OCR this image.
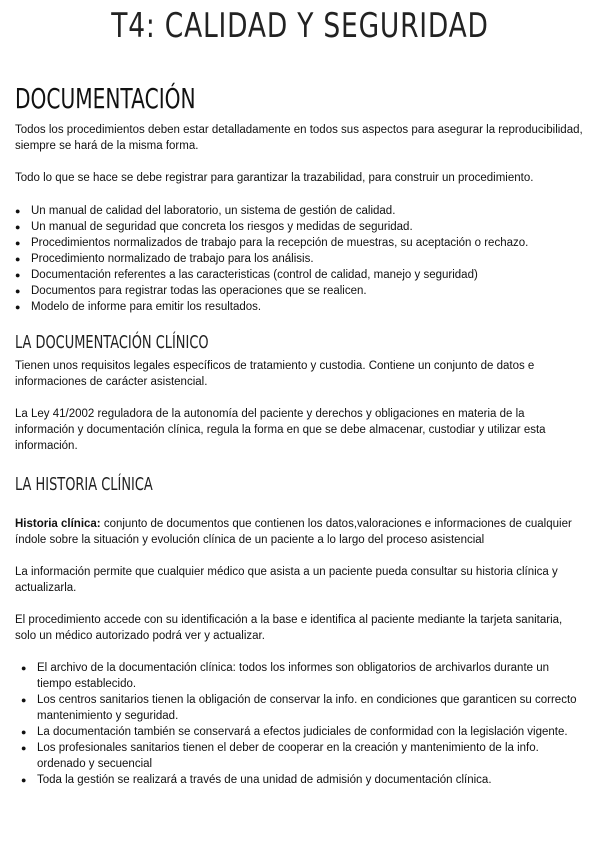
T4: CALIDAD Y SEGURIDAD
DOCUMENTACIÓN

Todos los procedimientos deben estar detalladamente en todos sus aspectos para asegurar la reproducibilidad, siempre se hará de la misma forma.

Todo lo que se hace se debe registrar para garantizar la trazabilidad, para construir un procedimiento.

● Un manual de calidad del laboratorio, un sistema de gestión de calidad.
● Un manual de seguridad que concreta los riesgos y medidas de seguridad.
● Procedimientos normalizados de trabajo para la recepción de muestras, su aceptación o rechazo.
● Procedimiento normalizado de trabajo para los análisis.
● Documentación referentes a las caracteristicas (control de calidad, manejo y seguridad)
● Documentos para registrar todas las operaciones que se realicen.
● Modelo de informe para emitir los resultados.
LA DOCUMENTACIÓN CLÍNICO

Tienen unos requisitos legales específicos de tratamiento y custodia. Contiene un conjunto de datos e informaciones de carácter asistencial.

La Ley 41/2002 reguladora de la autonomía del paciente y derechos y obligaciones en materia de la información y documentación clínica, regula la forma en que se debe almacenar, custodiar y utilizar esta información.

LA HISTORIA CLÍNICA

Historia clínica: conjunto de documentos que contienen los datos,valoraciones e informaciones de cualquier índole sobre la situación y evolución clínica de un paciente a lo largo del proceso asistencial

La información permite que cualquier médico que asista a un paciente pueda consultar su historia clínica y actualizarla.

El procedimiento accede con su identificación a la base e identifica al paciente mediante la tarjeta sanitaria, solo un médico autorizado podrá ver y actualizar.

● El archivo de la documentación clínica: todos los informes son obligatorios de archivarlos durante un tiempo establecido.
● Los centros sanitarios tienen la obligación de conservar la info. en condiciones que garanticen su correcto mantenimiento y seguridad.
● La documentación también se conservará a efectos judiciales de conformidad con la legislación vigente.
● Los profesionales sanitarios tienen el deber de cooperar en la creación y mantenimiento de la info. ordenado y secuencial
● Toda la gestión se realizará a través de una unidad de admisión y documentación clínica.
